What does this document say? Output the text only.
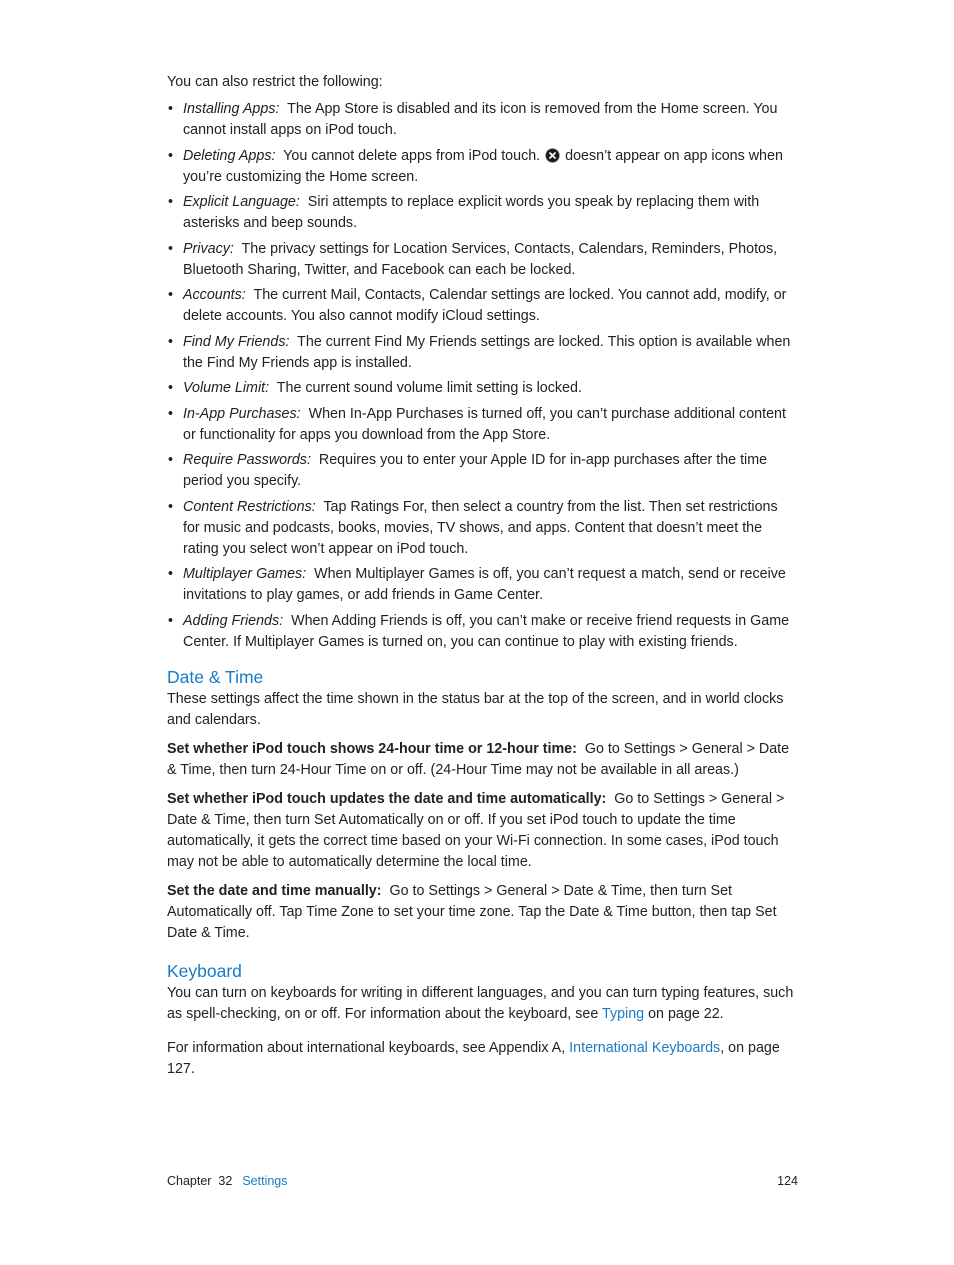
You can also restrict the following:

• Installing Apps: The App Store is disabled and its icon is removed from the Home screen. You cannot install apps on iPod touch.
• Deleting Apps: You cannot delete apps from iPod touch. doesn’t appear on app icons when you’re customizing the Home screen.
• Explicit Language: Siri attempts to replace explicit words you speak by replacing them with asterisks and beep sounds.
• Privacy: The privacy settings for Location Services, Contacts, Calendars, Reminders, Photos, Bluetooth Sharing, Twitter, and Facebook can each be locked.
• Accounts: The current Mail, Contacts, Calendar settings are locked. You cannot add, modify, or delete accounts. You also cannot modify iCloud settings.
• Find My Friends: The current Find My Friends settings are locked. This option is available when the Find My Friends app is installed.
• Volume Limit: The current sound volume limit setting is locked.
• In-App Purchases: When In-App Purchases is turned off, you can’t purchase additional content or functionality for apps you download from the App Store.
• Require Passwords: Requires you to enter your Apple ID for in-app purchases after the time period you specify.
• Content Restrictions: Tap Ratings For, then select a country from the list. Then set restrictions for music and podcasts, books, movies, TV shows, and apps. Content that doesn’t meet the rating you select won’t appear on iPod touch.
• Multiplayer Games: When Multiplayer Games is off, you can’t request a match, send or receive invitations to play games, or add friends in Game Center.
• Adding Friends: When Adding Friends is off, you can’t make or receive friend requests in Game Center. If Multiplayer Games is turned on, you can continue to play with existing friends.
Date & Time

These settings affect the time shown in the status bar at the top of the screen, and in world clocks and calendars.

Set whether iPod touch shows 24-hour time or 12-hour time: Go to Settings > General > Date & Time, then turn 24-Hour Time on or off. (24-Hour Time may not be available in all areas.)

Set whether iPod touch updates the date and time automatically: Go to Settings > General > Date & Time, then turn Set Automatically on or off. If you set iPod touch to update the time automatically, it gets the correct time based on your Wi-Fi connection. In some cases, iPod touch may not be able to automatically determine the local time.

Set the date and time manually: Go to Settings > General > Date & Time, then turn Set Automatically off. Tap Time Zone to set your time zone. Tap the Date & Time button, then tap Set Date & Time.

Keyboard

You can turn on keyboards for writing in different languages, and you can turn typing features, such as spell-checking, on or off. For information about the keyboard, see Typing on page 22.

For information about international keyboards, see Appendix A, International Keyboards, on page 127.

Chapter  32 Settings	124
